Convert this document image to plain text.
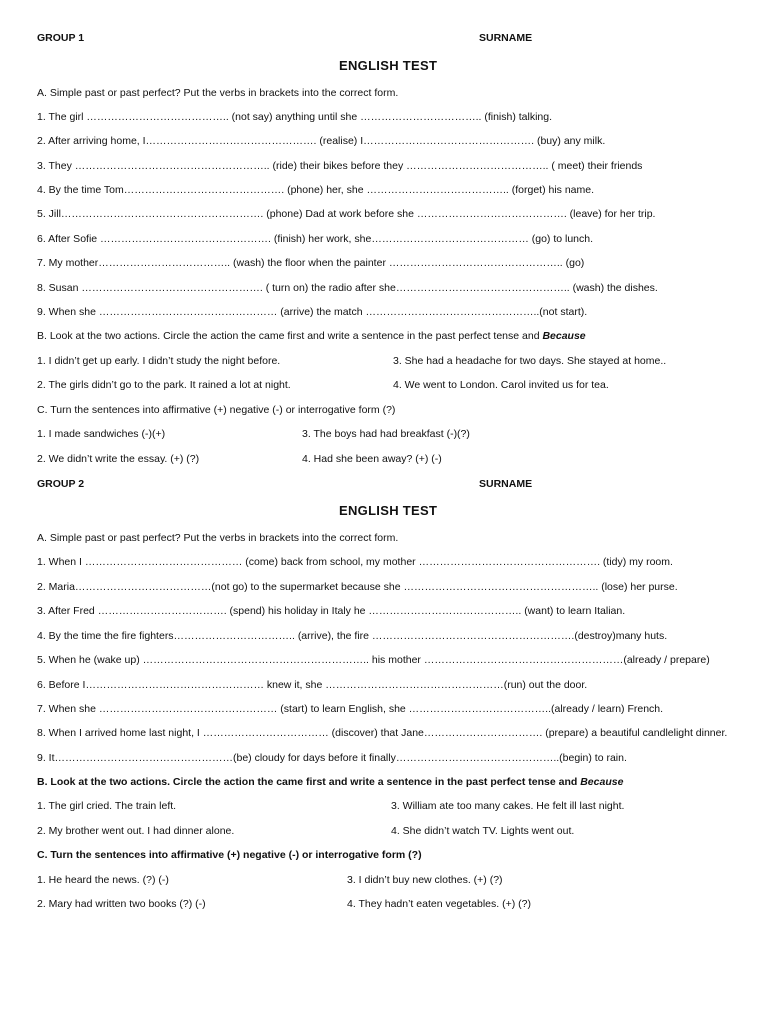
GROUP 1	SURNAME
ENGLISH TEST
A. Simple past or past perfect? Put the verbs in brackets into the correct form.
1. The girl ………………………………….. (not say) anything until she …………………………….. (finish) talking.
2. After arriving home, I…………………………………………. (realise) I…………………………………………. (buy) any milk.
3. They ……………………………………………….. (ride) their bikes before they ………………………………….. ( meet) their friends
4. By the time Tom………………………………………. (phone) her, she ………………………………….. (forget) his name.
5. Jill…………………………………………………. (phone) Dad at work before she ……………………………………. (leave) for her trip.
6. After Sofie …………………………………………. (finish) her work, she……………………………………… (go) to lunch.
7. My mother……………………………….. (wash) the floor when the painter ………………………………………….. (go)
8. Susan ……………………………………………. ( turn on) the radio after she………………………………………….. (wash) the dishes.
9. When she …………………………………………… (arrive) the match …………………………………………..(not start).
B. Look at the two actions. Circle the action the came first and write a sentence in the past perfect tense and Because
1. I didn’t get up early. I didn’t study the night before.	3. She had a headache for two days. She stayed at home..
2. The girls didn’t go to the park. It rained a lot at night.	4. We went to London. Carol invited us for tea.
C. Turn the sentences into affirmative (+) negative (-) or interrogative form (?)
1. I made sandwiches (-)(+)	3. The boys had had breakfast (-)(?)
2. We didn’t write the essay. (+) (?)	4. Had she been away? (+) (-)
GROUP 2	SURNAME
ENGLISH TEST
A. Simple past or past perfect? Put the verbs in brackets into the correct form.
1. When I ……………………………………… (come) back from school, my mother ……………………………………………. (tidy) my room.
2. Maria…………………………………(not go) to the supermarket because she ……………………………………………….. (lose) her purse.
3. After Fred ………………………………. (spend) his holiday in Italy he …………………………………….. (want) to learn Italian.
4. By the time the fire fighters…………………………….. (arrive), the fire ………………………………………………….(destroy)many huts.
5. When he (wake up) ……………………………………………………….. his mother …………………………………………………(already / prepare)
6. Before I…………………………………………… knew it, she ……………………………………………(run) out the door.
7. When she …………………………………………… (start) to learn English, she …………………………………..(already / learn) French.
8. When I arrived home last night, I ……………………………… (discover) that Jane……………………………. (prepare) a beautiful candlelight dinner.
9. It……………………………………………(be) cloudy for days before it finally………………………………………..(begin) to rain.
B. Look at the two actions. Circle the action the came first and write a sentence in the past perfect tense and Because
1. The girl cried. The train left.	3. William ate too many cakes. He felt ill last night.
2. My brother went out. I had dinner alone.	4. She didn’t watch TV. Lights went out.
C. Turn the sentences into affirmative (+) negative (-) or interrogative form (?)
1. He heard the news. (?) (-)	3. I didn’t buy new clothes. (+) (?)
2. Mary had written two books (?) (-)	4. They hadn’t eaten vegetables. (+) (?)
